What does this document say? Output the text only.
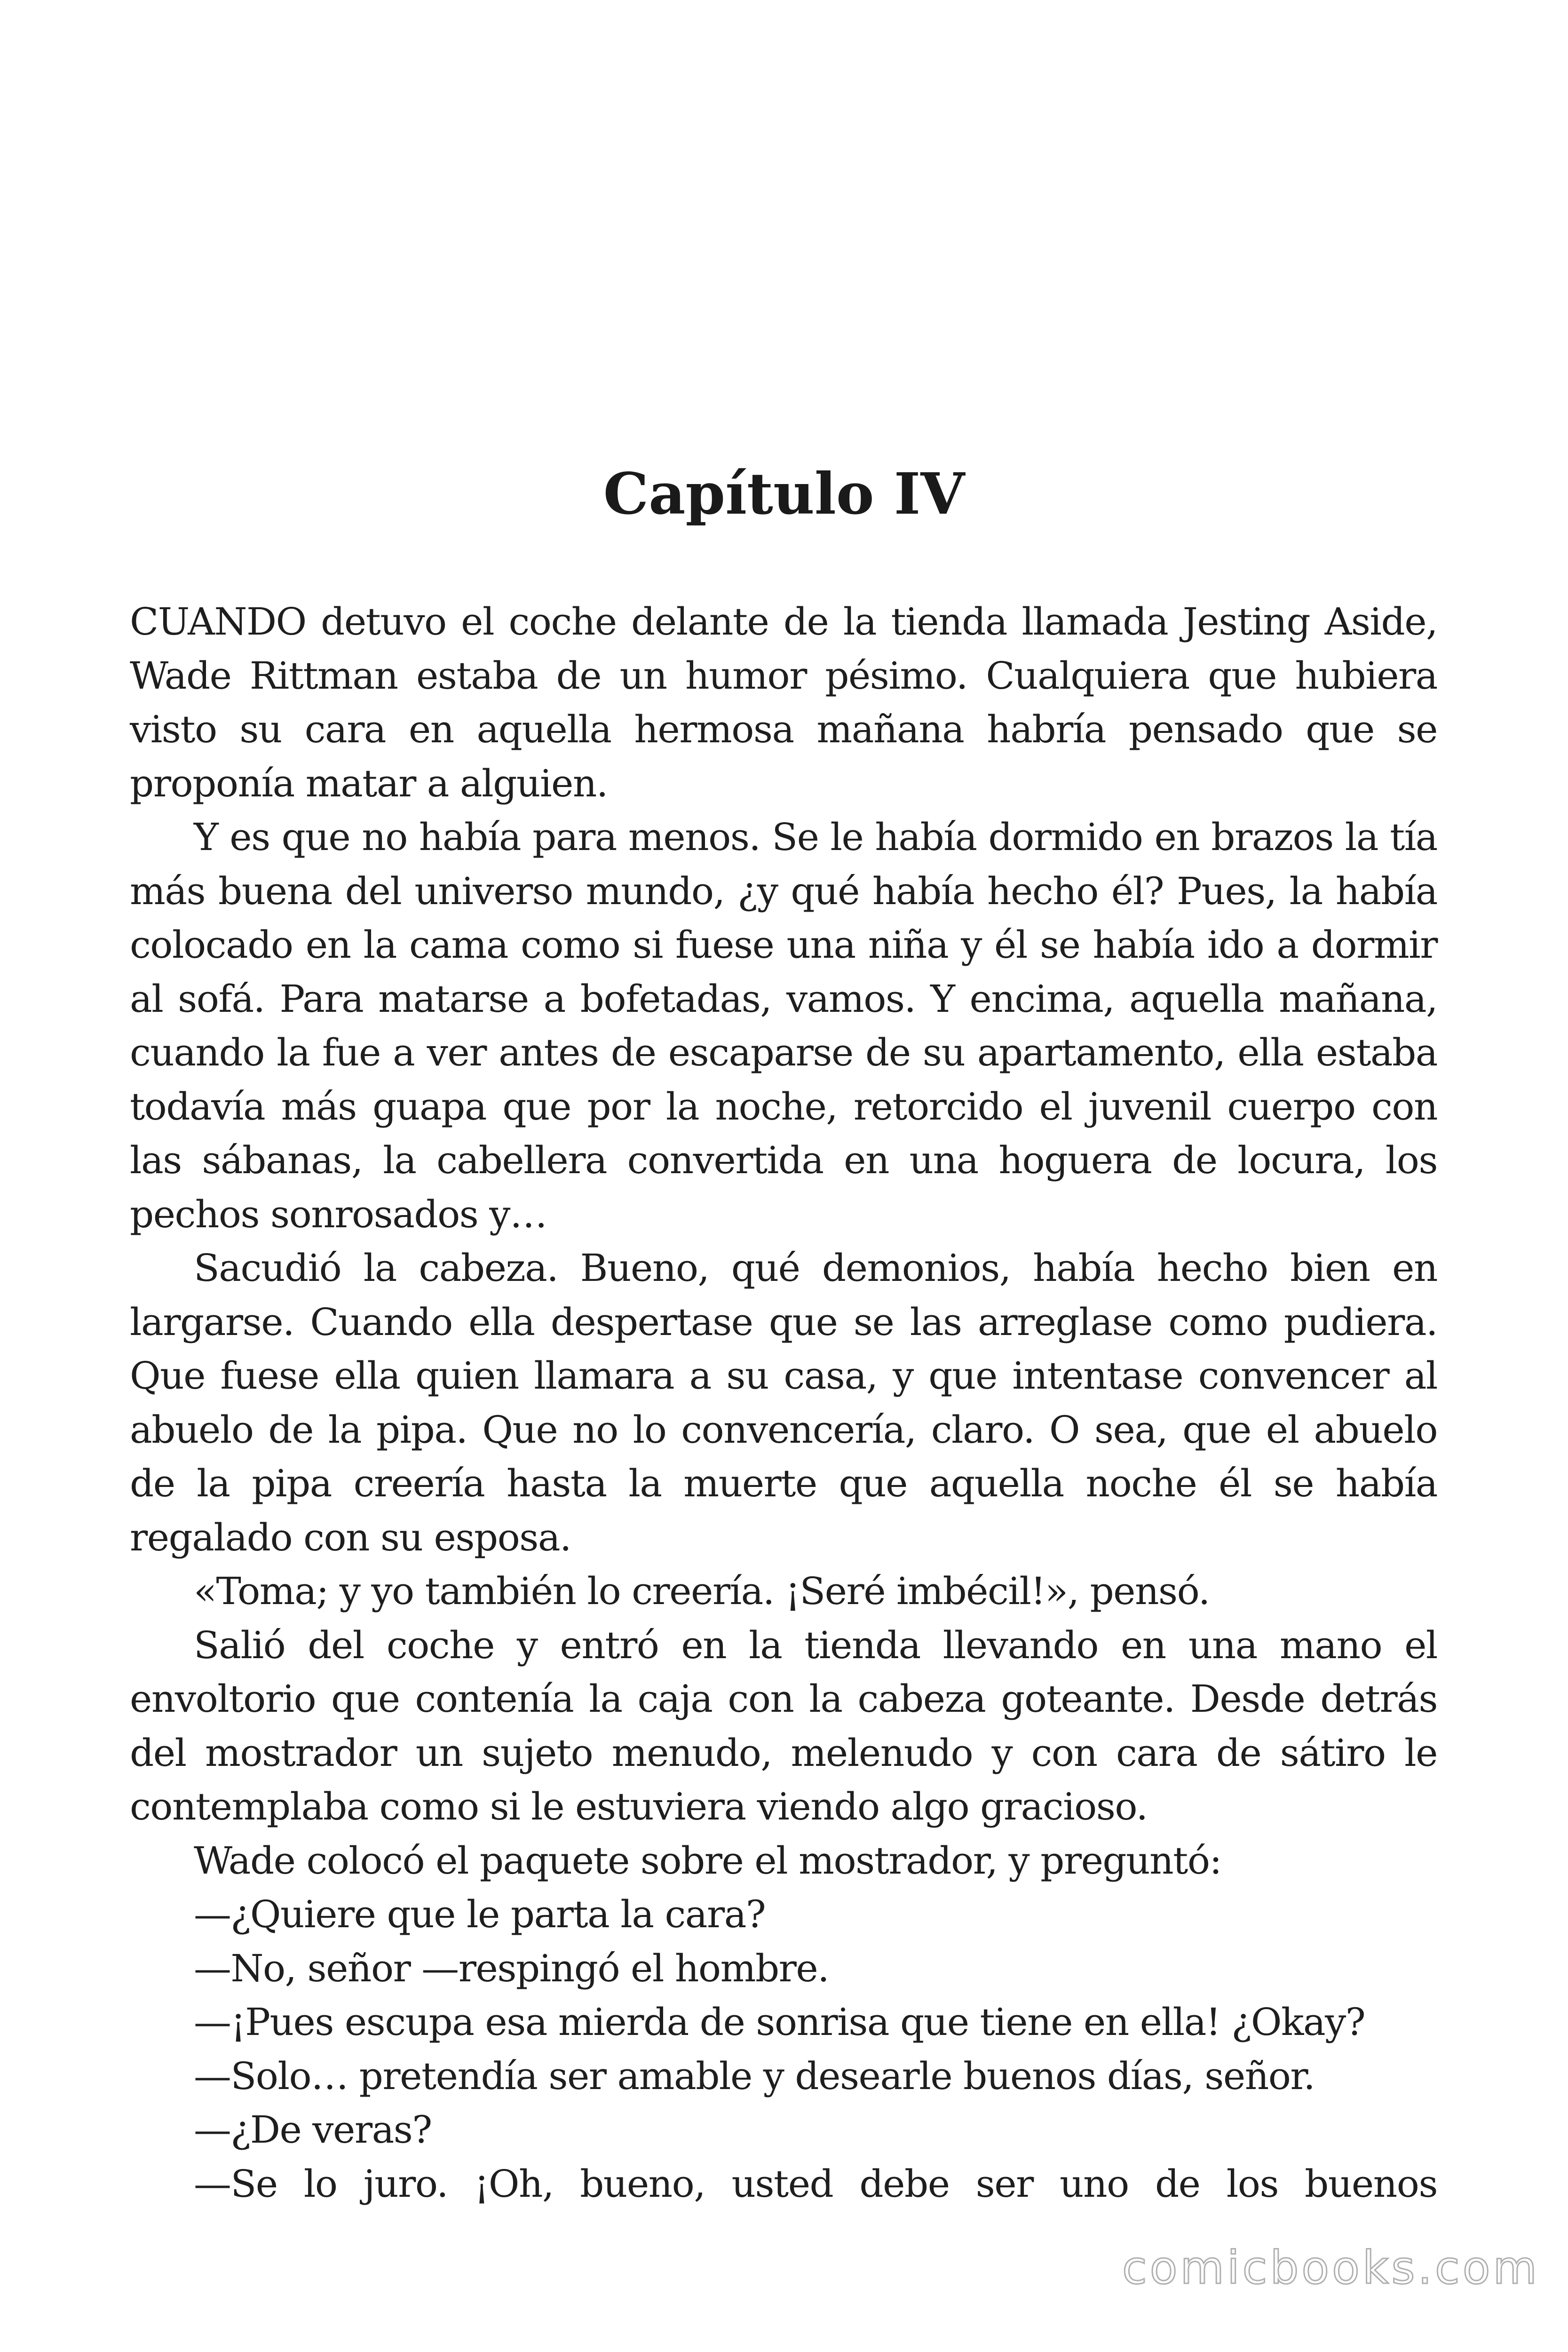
Capítulo IV

CUANDO detuvo el coche delante de la tienda llamada Jesting Aside, Wade Rittman estaba de un humor pésimo. Cualquiera que hubiera visto su cara en aquella hermosa mañana habría pensado que se proponía matar a alguien.

Y es que no había para menos. Se le había dormido en brazos la tía más buena del universo mundo, ¿y qué había hecho él? Pues, la había colocado en la cama como si fuese una niña y él se había ido a dormir al sofá. Para matarse a bofetadas, vamos. Y encima, aquella mañana, cuando la fue a ver antes de escaparse de su apartamento, ella estaba todavía más guapa que por la noche, retorcido el juvenil cuerpo con las sábanas, la cabellera convertida en una hoguera de locura, los pechos sonrosados y…

Sacudió la cabeza. Bueno, qué demonios, había hecho bien en largarse. Cuando ella despertase que se las arreglase como pudiera. Que fuese ella quien llamara a su casa, y que intentase convencer al abuelo de la pipa. Que no lo convencería, claro. O sea, que el abuelo de la pipa creería hasta la muerte que aquella noche él se había regalado con su esposa.

«Toma; y yo también lo creería. ¡Seré imbécil!», pensó.

Salió del coche y entró en la tienda llevando en una mano el envoltorio que contenía la caja con la cabeza goteante. Desde detrás del mostrador un sujeto menudo, melenudo y con cara de sátiro le contemplaba como si le estuviera viendo algo gracioso.

Wade colocó el paquete sobre el mostrador, y preguntó:

—¿Quiere que le parta la cara?

—No, señor —respingó el hombre.

—¡Pues escupa esa mierda de sonrisa que tiene en ella! ¿Okay?

—Solo… pretendía ser amable y desearle buenos días, señor.

—¿De veras?

—Se lo juro. ¡Oh, bueno, usted debe ser uno de los buenos

comicbooks.com
